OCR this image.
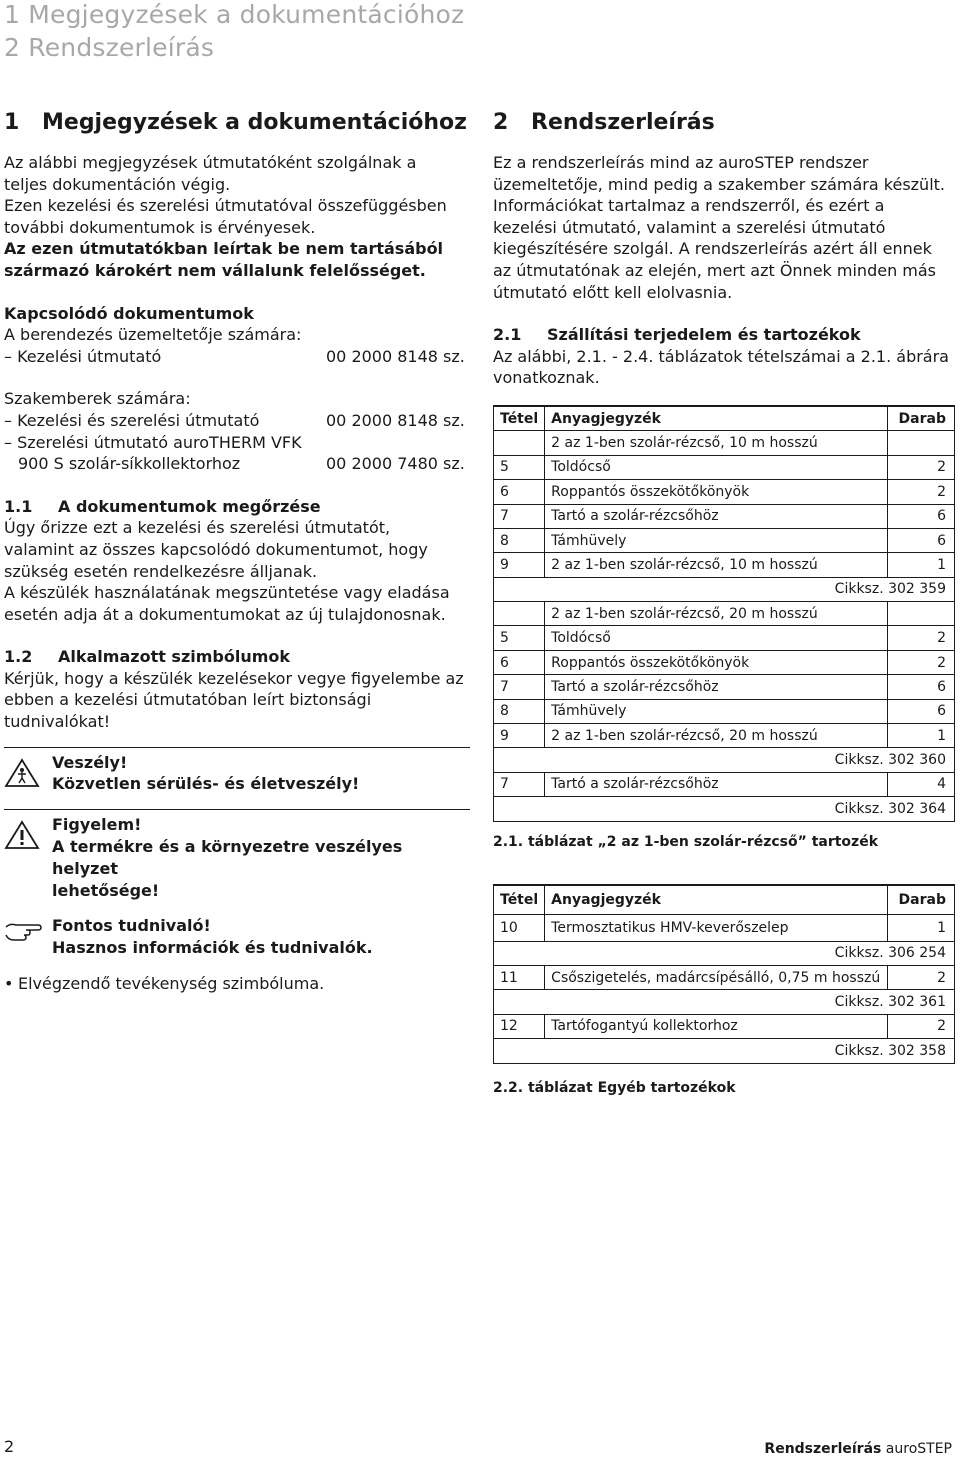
1 Megjegyzések a dokumentációhoz
2 Rendszerleírás
1 Megjegyzések a dokumentációhoz
Az alábbi megjegyzések útmutatóként szolgálnak a
teljes dokumentáción végig.
Ezen kezelési és szerelési útmutatóval összefüggésben
további dokumentumok is érvényesek.
Az ezen útmutatókban leírtak be nem tartásából
származó károkért nem vállalunk felelősséget.
Kapcsolódó dokumentumok
A berendezés üzemeltetője számára:
– Kezelési útmutató	00 2000 8148 sz.
Szakemberek számára:
– Kezelési és szerelési útmutató	00 2000 8148 sz.
– Szerelési útmutató auroTHERM VFK
900 S szolár-síkkollektorhoz	00 2000 7480 sz.
1.1 A dokumentumok megőrzése
Úgy őrizze ezt a kezelési és szerelési útmutatót,
valamint az összes kapcsolódó dokumentumot, hogy
szükség esetén rendelkezésre álljanak.
A készülék használatának megszüntetése vagy eladása
esetén adja át a dokumentumokat az új tulajdonosnak.
1.2 Alkalmazott szimbólumok
Kérjük, hogy a készülék kezelésekor vegye figyelembe az
ebben a kezelési útmutatóban leírt biztonsági
tudnivalókat!
Veszély!
Közvetlen sérülés- és életveszély!
Figyelem!
A termékre és a környezetre veszélyes helyzet
lehetősége!
Fontos tudnivaló!
Hasznos információk és tudnivalók.
• Elvégzendő tevékenység szimbóluma.
2 Rendszerleírás
Ez a rendszerleírás mind az auroSTEP rendszer
üzemeltetője, mind pedig a szakember számára készült.
Információkat tartalmaz a rendszerről, és ezért a
kezelési útmutató, valamint a szerelési útmutató
kiegészítésére szolgál. A rendszerleírás azért áll ennek
az útmutatónak az elején, mert azt Önnek minden más
útmutató előtt kell elolvasnia.
2.1 Szállítási terjedelem és tartozékok
Az alábbi, 2.1. - 2.4. táblázatok tételszámai a 2.1. ábrára
vonatkoznak.
Tétel	Anyagjegyzék	Darab
	2 az 1-ben szolár-rézcső, 10 m hosszú	
5	Toldócső	2
6	Roppantós összekötőkönyök	2
7	Tartó a szolár-rézcsőhöz	6
8	Támhüvely	6
9	2 az 1-ben szolár-rézcső, 10 m hosszú	1
Cikksz. 302 359		
	2 az 1-ben szolár-rézcső, 20 m hosszú	
5	Toldócső	2
6	Roppantós összekötőkönyök	2
7	Tartó a szolár-rézcsőhöz	6
8	Támhüvely	6
9	2 az 1-ben szolár-rézcső, 20 m hosszú	1
Cikksz. 302 360		
7	Tartó a szolár-rézcsőhöz	4
Cikksz. 302 364		
2.1. táblázat „2 az 1-ben szolár-rézcső” tartozék
Tétel	Anyagjegyzék	Darab
10	Termosztatikus HMV-keverőszelep	1
Cikksz. 306 254		
11	Csőszigetelés, madárcsípésálló, 0,75 m hosszú	2
Cikksz. 302 361		
12	Tartófogantyú kollektorhoz	2
Cikksz. 302 358		
2.2. táblázat Egyéb tartozékok
2	Rendszerleírás auroSTEP
